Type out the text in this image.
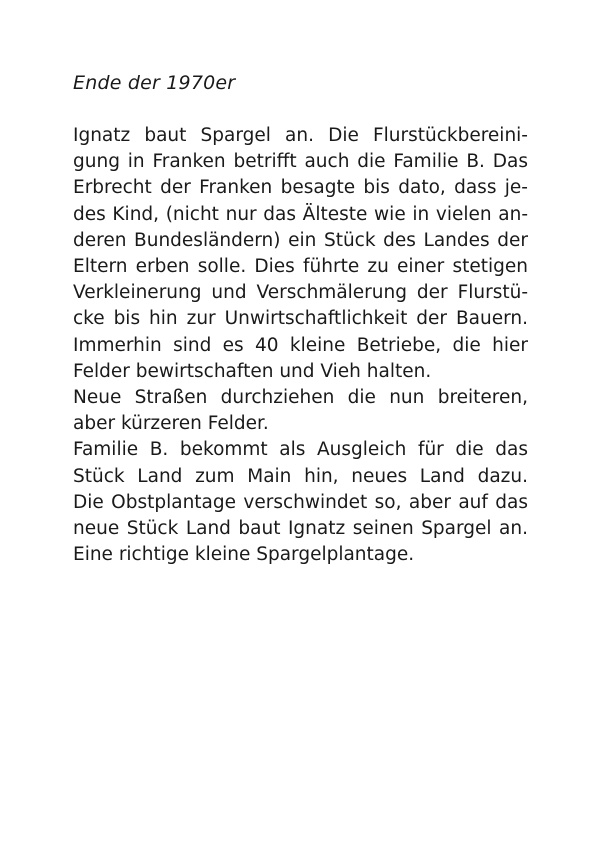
Ende der 1970er
Ignatz baut Spargel an. Die Flurstückbereini-
gung in Franken betrifft auch die Familie B. Das
Erbrecht der Franken besagte bis dato, dass je-
des Kind, (nicht nur das Älteste wie in vielen an-
deren Bundesländern) ein Stück des Landes der
Eltern erben solle. Dies führte zu einer stetigen
Verkleinerung und Verschmälerung der Flurstü-
cke bis hin zur Unwirtschaftlichkeit der Bauern.
Immerhin sind es 40 kleine Betriebe, die hier
Felder bewirtschaften und Vieh halten.
Neue Straßen durchziehen die nun breiteren,
aber kürzeren Felder.
Familie B. bekommt als Ausgleich für die das
Stück Land zum Main hin, neues Land dazu.
Die Obstplantage verschwindet so, aber auf das
neue Stück Land baut Ignatz seinen Spargel an.
Eine richtige kleine Spargelplantage.
